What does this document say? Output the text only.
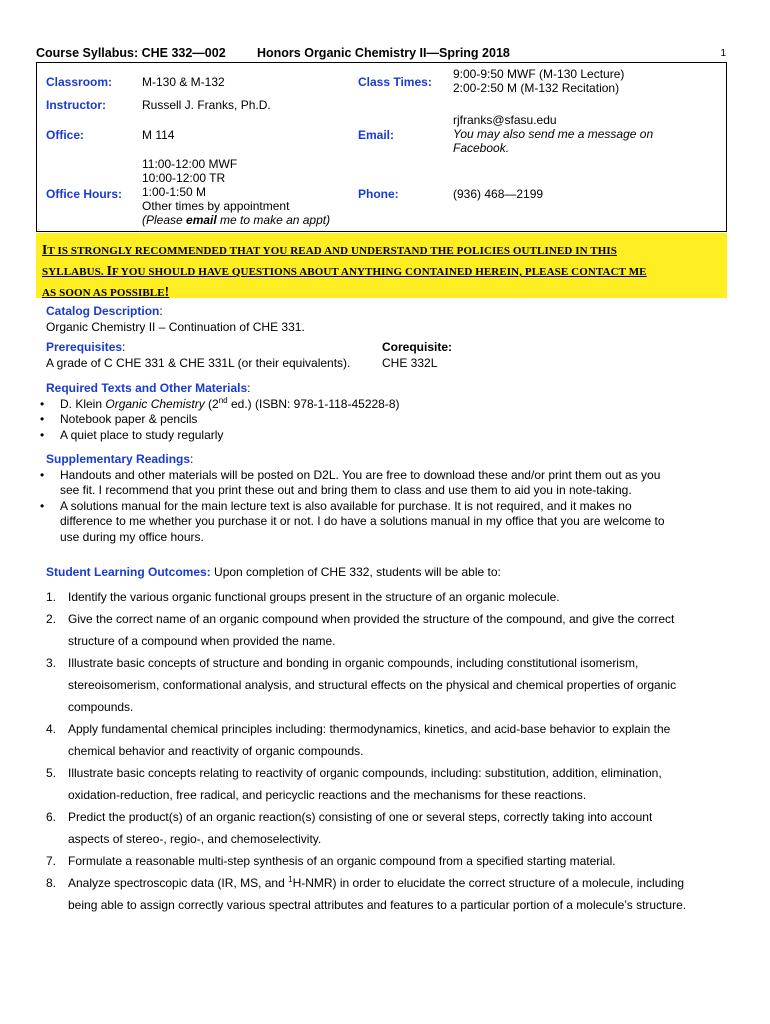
Course Syllabus: CHE 332—002	Honors Organic Chemistry II—Spring 2018	1
Classroom: M-130 & M-132	Class Times:
9:00-9:50 MWF (M-130 Lecture)
2:00-2:50 M (M-132 Recitation)
Instructor:	Russell J. Franks, Ph.D.
Office:	M 114	Email:
rjfranks@sfasu.edu
You may also send me a message on
Facebook.
Office Hours:
11:00-12:00 MWF
10:00-12:00 TR
1:00-1:50 M
Other times by appointment
(Please email me to make an appt)
Phone:	(936) 468—2199

IT IS STRONGLY RECOMMENDED THAT YOU READ AND UNDERSTAND THE POLICIES OUTLINED IN THIS

SYLLABUS. IF YOU SHOULD HAVE QUESTIONS ABOUT ANYTHING CONTAINED HEREIN, PLEASE CONTACT ME

AS SOON AS POSSIBLE!

Catalog Description:
Organic Chemistry II – Continuation of CHE 331.
Prerequisites:
A grade of C CHE 331 & CHE 331L (or their equivalents).
Corequisite:
CHE 332L
Required Texts and Other Materials:
• D. Klein Organic Chemistry (2nd ed.) (ISBN: 978-1-118-45228-8)
• Notebook paper & pencils
• A quiet place to study regularly
Supplementary Readings:
• Handouts and other materials will be posted on D2L. You are free to download these and/or print them out as you
see fit. I recommend that you print these out and bring them to class and use them to aid you in note-taking.
• A solutions manual for the main lecture text is also available for purchase. It is not required, and it makes no
difference to me whether you purchase it or not. I do have a solutions manual in my office that you are welcome to
use during my office hours.
Student Learning Outcomes: Upon completion of CHE 332, students will be able to:
1. Identify the various organic functional groups present in the structure of an organic molecule.
2. Give the correct name of an organic compound when provided the structure of the compound, and give the correct
structure of a compound when provided the name.
3. Illustrate basic concepts of structure and bonding in organic compounds, including constitutional isomerism,
stereoisomerism, conformational analysis, and structural effects on the physical and chemical properties of organic
compounds.
4. Apply fundamental chemical principles including: thermodynamics, kinetics, and acid-base behavior to explain the
chemical behavior and reactivity of organic compounds.
5. Illustrate basic concepts relating to reactivity of organic compounds, including: substitution, addition, elimination,
oxidation-reduction, free radical, and pericyclic reactions and the mechanisms for these reactions.
6. Predict the product(s) of an organic reaction(s) consisting of one or several steps, correctly taking into account
aspects of stereo-, regio-, and chemoselectivity.
7. Formulate a reasonable multi-step synthesis of an organic compound from a specified starting material.
8. Analyze spectroscopic data (IR, MS, and $^1$H-NMR) in order to elucidate the correct structure of a molecule, including
being able to assign correctly various spectral attributes and features to a particular portion of a molecule’s structure.
